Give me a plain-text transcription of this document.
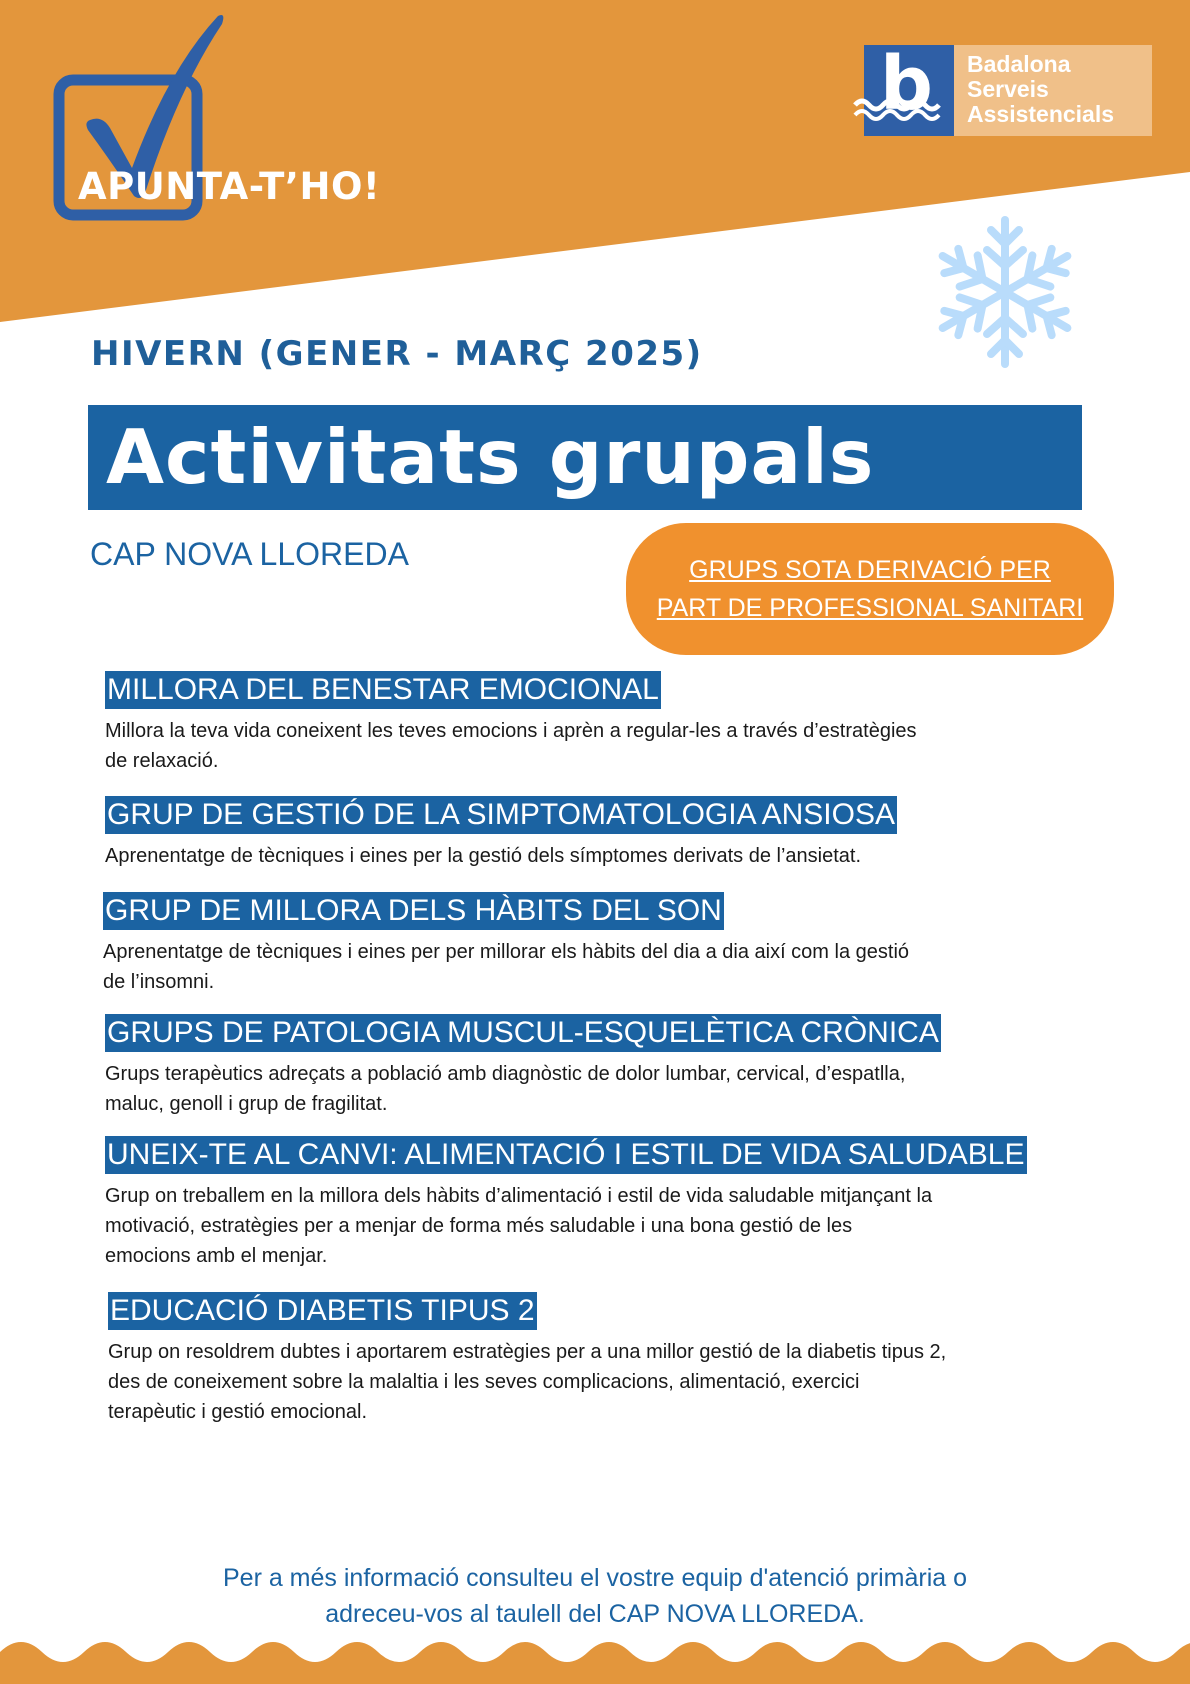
APUNTA-T’HO!
b Badalona
Serveis
Assistencials
HIVERN (GENER - MARÇ 2025)
Activitats grupals
CAP NOVA LLOREDA	GRUPS SOTA DERIVACIÓ PER
PART DE PROFESSIONAL SANITARI
MILLORA DEL BENESTAR EMOCIONAL
Millora la teva vida coneixent les teves emocions i aprèn a regular-les a través d’estratègies
de relaxació.
GRUP DE GESTIÓ DE LA SIMPTOMATOLOGIA ANSIOSA
Aprenentatge de tècniques i eines per la gestió dels símptomes derivats de l’ansietat.
GRUP DE MILLORA DELS HÀBITS DEL SON
Aprenentatge de tècniques i eines per per millorar els hàbits del dia a dia així com la gestió
de l’insomni.
GRUPS DE PATOLOGIA MUSCUL-ESQUELÈTICA CRÒNICA
Grups terapèutics adreçats a població amb diagnòstic de dolor lumbar, cervical, d’espatlla,
maluc, genoll i grup de fragilitat.
UNEIX-TE AL CANVI: ALIMENTACIÓ I ESTIL DE VIDA SALUDABLE
Grup on treballem en la millora dels hàbits d’alimentació i estil de vida saludable mitjançant la
motivació, estratègies per a menjar de forma més saludable i una bona gestió de les
emocions amb el menjar.
EDUCACIÓ DIABETIS TIPUS 2
Grup on resoldrem dubtes i aportarem estratègies per a una millor gestió de la diabetis tipus 2,
des de coneixement sobre la malaltia i les seves complicacions, alimentació, exercici
terapèutic i gestió emocional.
Per a més informació consulteu el vostre equip d'atenció primària o
adreceu-vos al taulell del CAP NOVA LLOREDA.
